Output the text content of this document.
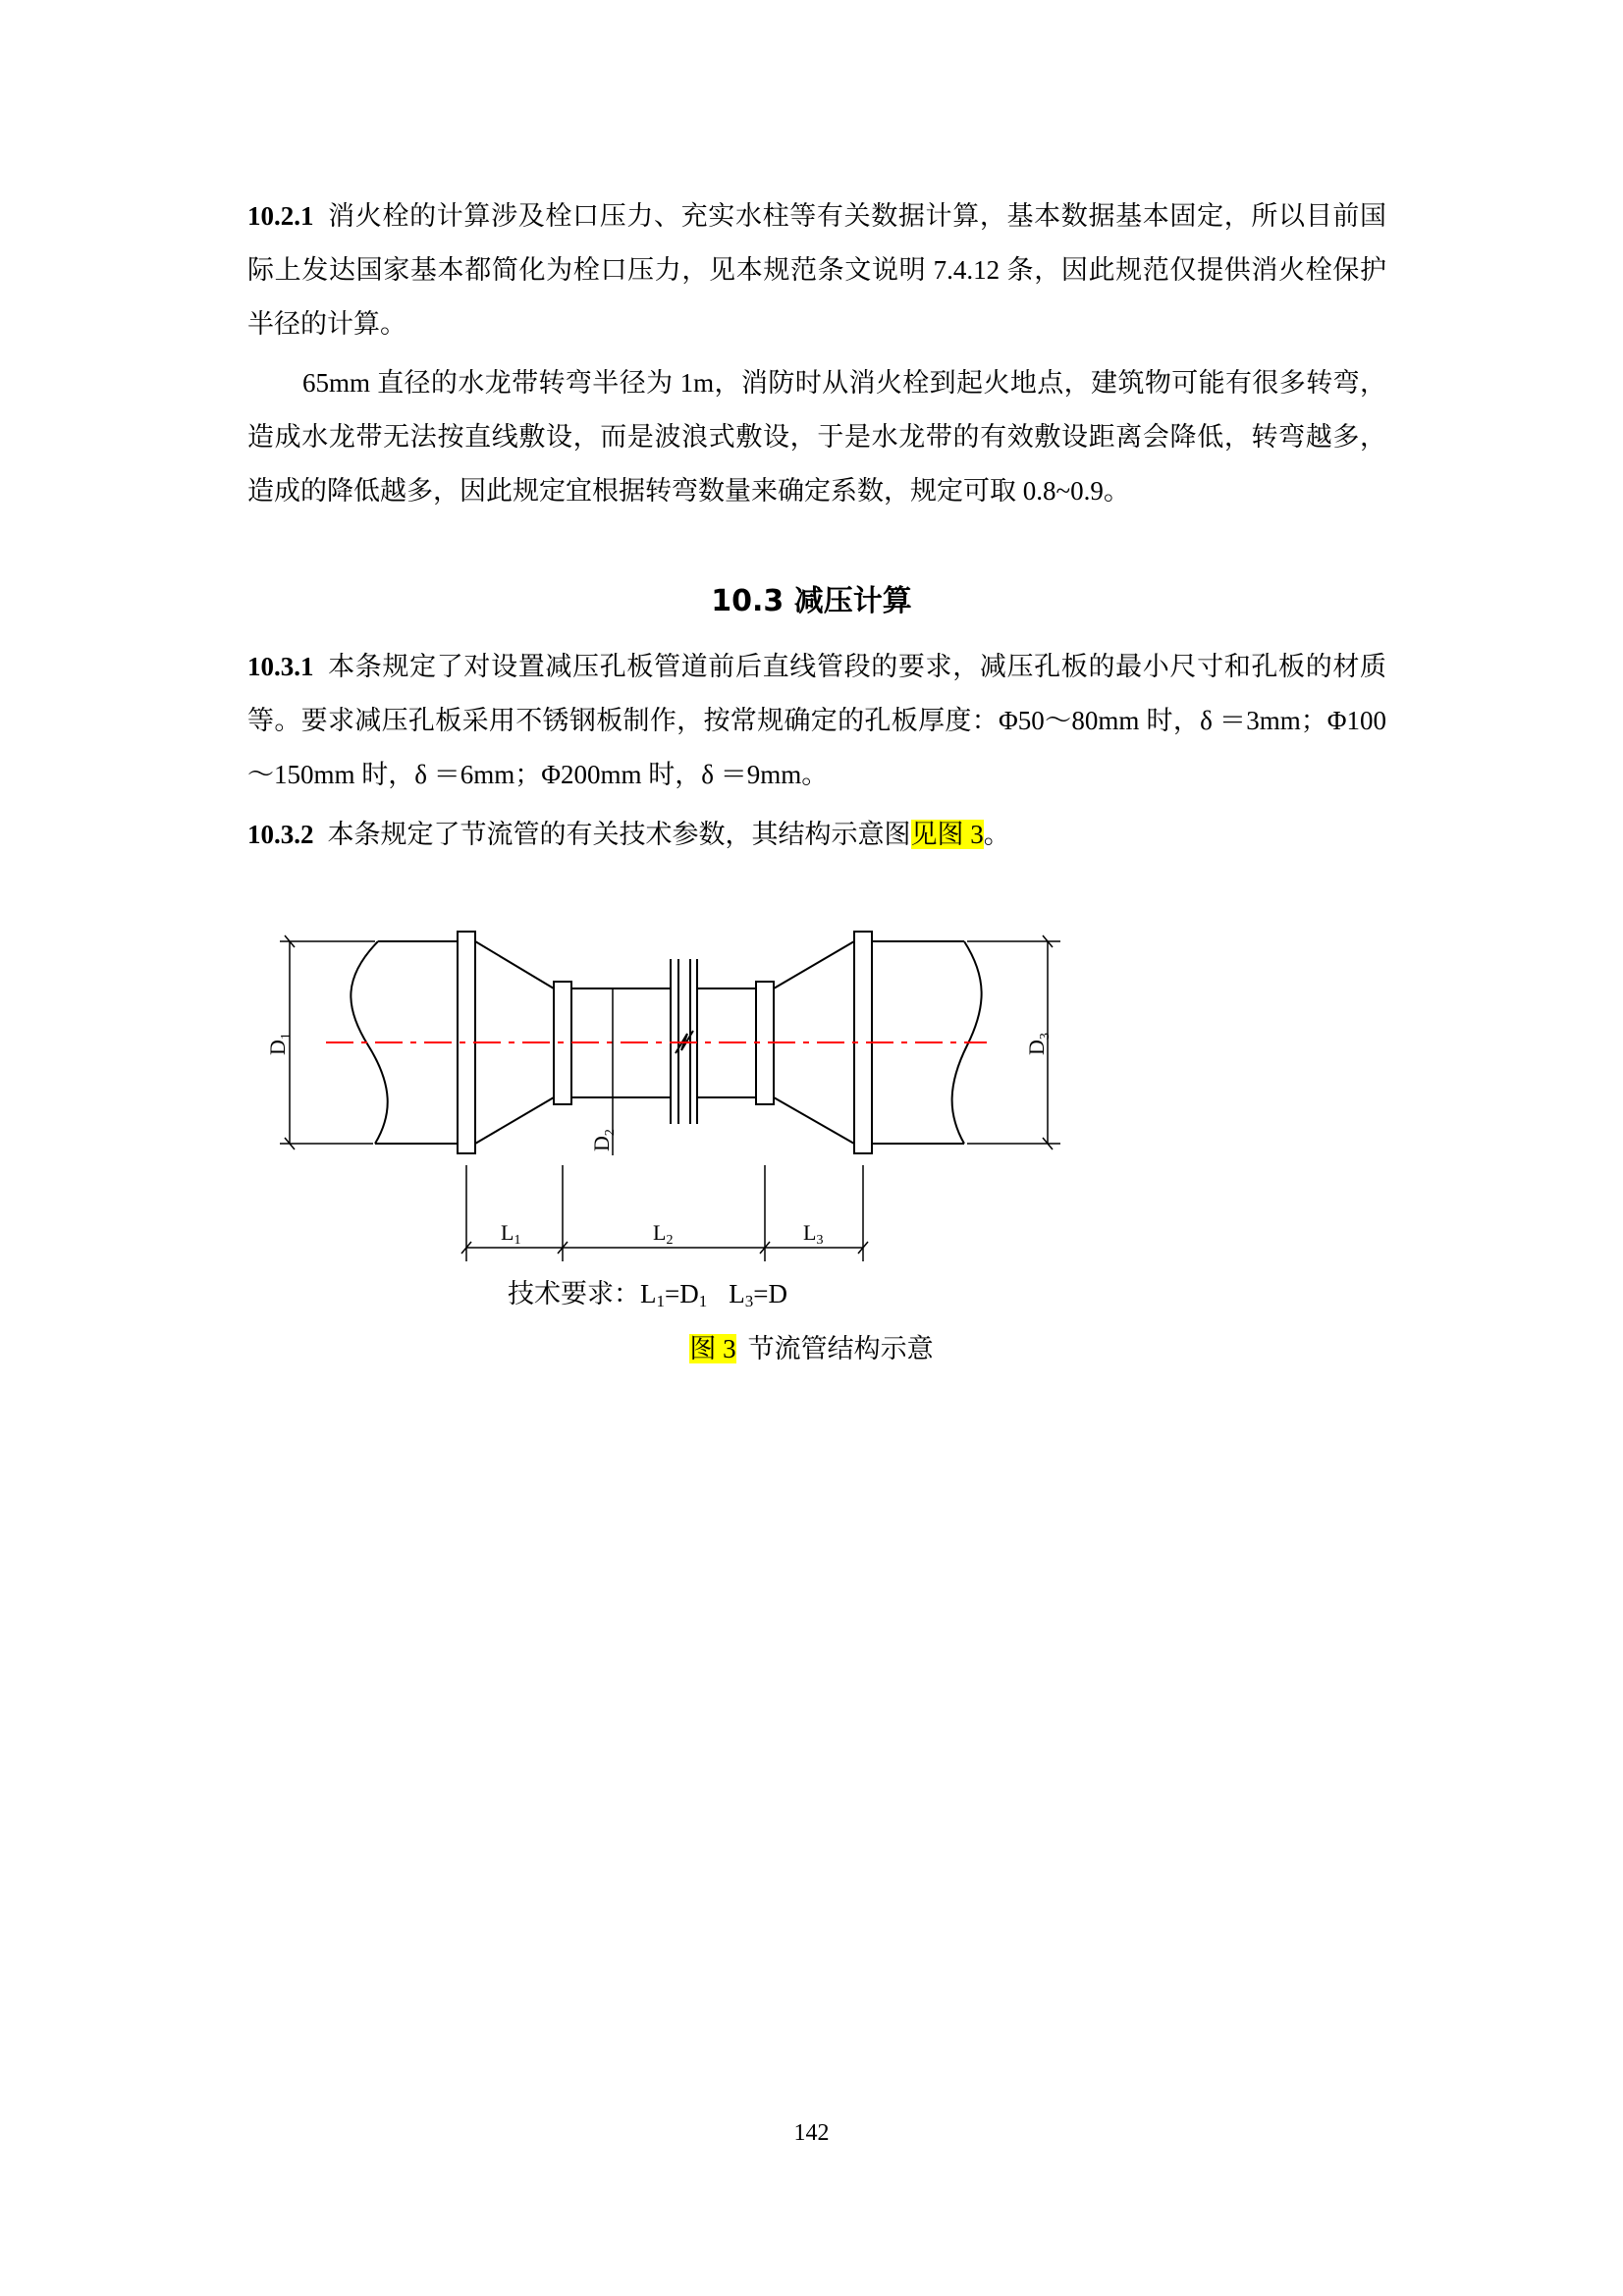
10.2.1 消火栓的计算涉及栓口压力、充实水柱等有关数据计算，基本数据基本固定，所以目前国际上发达国家基本都简化为栓口压力，见本规范条文说明 7.4.12 条，因此规范仅提供消火栓保护半径的计算。
65mm 直径的水龙带转弯半径为 1m，消防时从消火栓到起火地点，建筑物可能有很多转弯，造成水龙带无法按直线敷设，而是波浪式敷设，于是水龙带的有效敷设距离会降低，转弯越多，造成的降低越多，因此规定宜根据转弯数量来确定系数，规定可取 0.8~0.9。
10.3 减压计算
10.3.1 本条规定了对设置减压孔板管道前后直线管段的要求，减压孔板的最小尺寸和孔板的材质等。要求减压孔板采用不锈钢板制作，按常规确定的孔板厚度：Φ50～80mm 时，δ ＝3mm；Φ100～150mm 时，δ ＝6mm；Φ200mm 时，δ ＝9mm。
10.3.2 本条规定了节流管的有关技术参数，其结构示意图见图 3。
$D_1$
$D_3$
$D_2$
L1	L2	L3
技术要求：$L_1=D_1$ $L_3=D$
图 3 节流管结构示意
142
